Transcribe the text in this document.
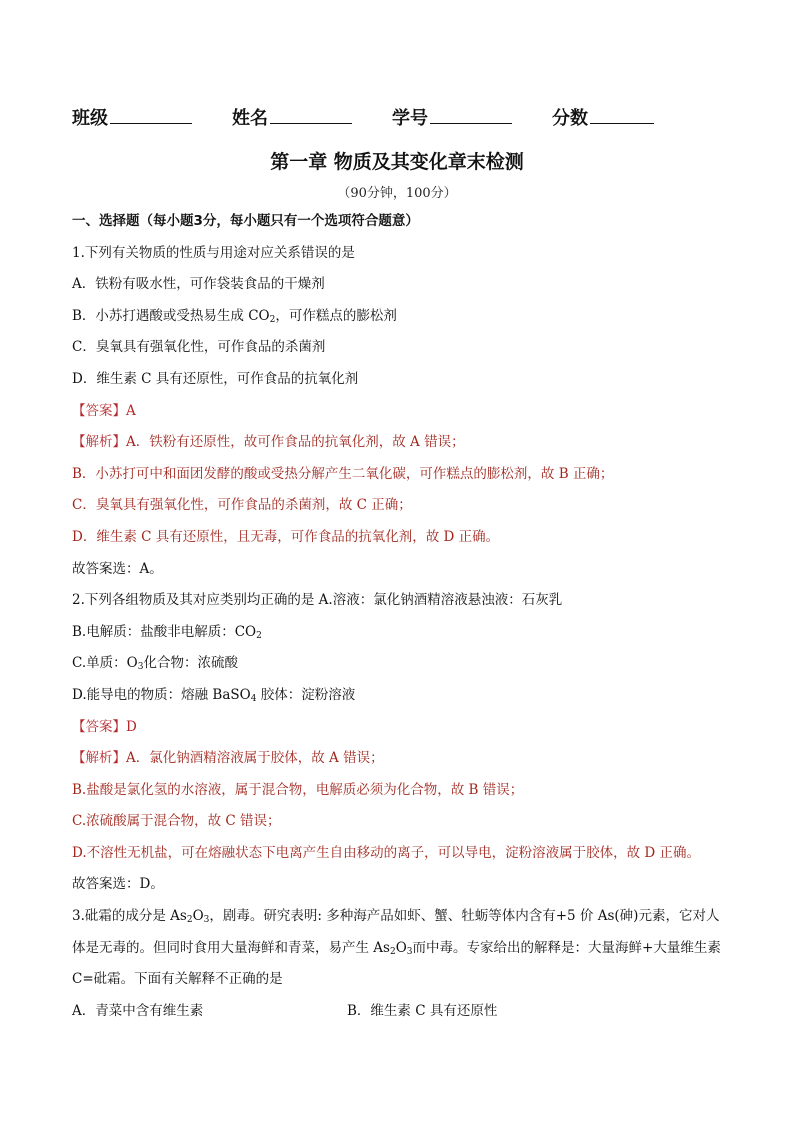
班级	姓名	学号	分数
第一章 物质及其变化章末检测
（90分钟，100分）
一、选择题（每小题3分，每小题只有一个选项符合题意）
1.下列有关物质的性质与用途对应关系错误的是
A．铁粉有吸水性，可作袋装食品的干燥剂
B．小苏打遇酸或受热易生成 $CO_2$，可作糕点的膨松剂
C．臭氧具有强氧化性，可作食品的杀菌剂
D．维生素 C 具有还原性，可作食品的抗氧化剂
【答案】A
【解析】A．铁粉有还原性，故可作食品的抗氧化剂，故 A 错误；
B．小苏打可中和面团发酵的酸或受热分解产生二氧化碳，可作糕点的膨松剂，故 B 正确；
C．臭氧具有强氧化性，可作食品的杀菌剂，故 C 正确；
D．维生素 C 具有还原性，且无毒，可作食品的抗氧化剂，故 D 正确。
故答案选：A。
2.下列各组物质及其对应类别均正确的是 A.溶液：氯化钠酒精溶液悬浊液：石灰乳
B.电解质：盐酸非电解质：$CO_2$
C.单质：$O_3$化合物：浓硫酸
D.能导电的物质：熔融 BaSO$_4$ 胶体：淀粉溶液
【答案】D
【解析】A．氯化钠酒精溶液属于胶体，故 A 错误；
B.盐酸是氯化氢的水溶液，属于混合物，电解质必须为化合物，故 B 错误；
C.浓硫酸属于混合物，故 C 错误；
D.不溶性无机盐，可在熔融状态下电离产生自由移动的离子，可以导电，淀粉溶液属于胶体，故 D 正确。
故答案选：D。
3.砒霜的成分是 $As_2O_3$，剧毒。研究表明: 多种海产品如虾、蟹、牡蛎等体内含有+5 价 As(砷)元素，它对人体是无毒的。但同时食用大量海鲜和青菜，易产生 $As_2O_3$而中毒。专家给出的解释是：大量海鲜+大量维生素 C=砒霜。下面有关解释不正确的是
A．青菜中含有维生素	B．维生素 C 具有还原性
